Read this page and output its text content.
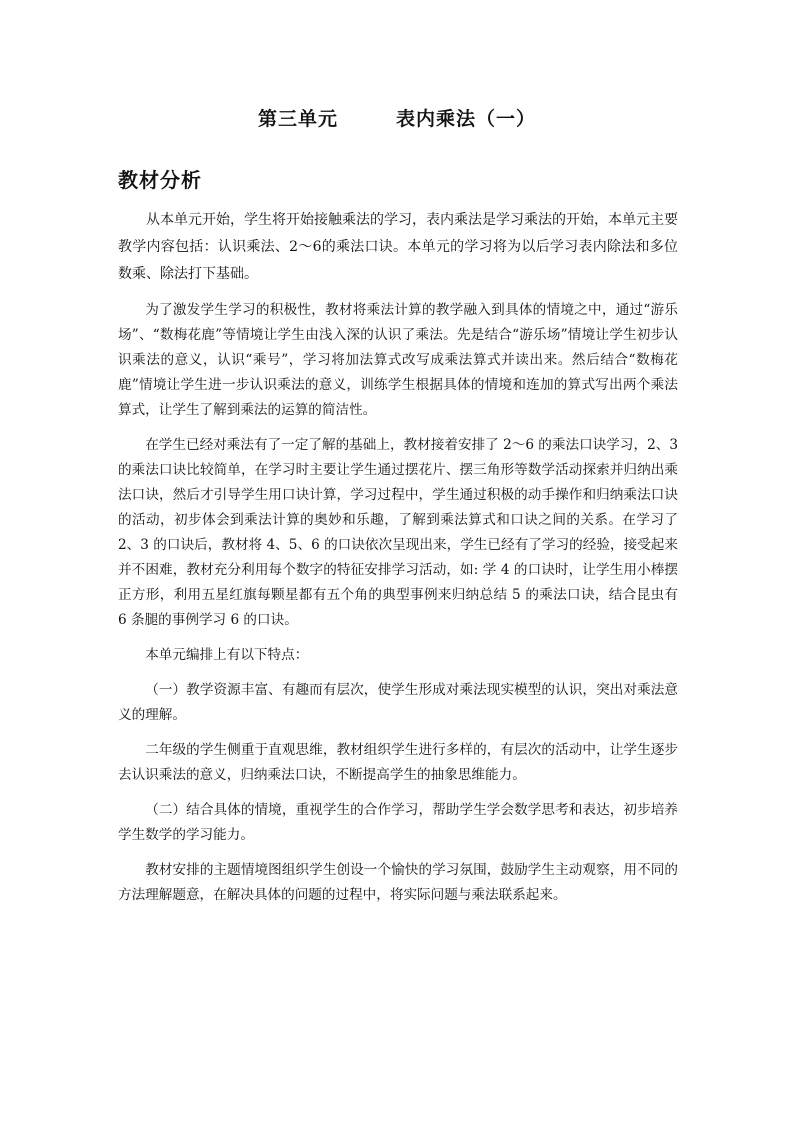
第三单元	表内乘法（一）
教材分析

从本单元开始，学生将开始接触乘法的学习，表内乘法是学习乘法的开始，本单元主要教学内容包括：认识乘法、2～6的乘法口诀。本单元的学习将为以后学习表内除法和多位数乘、除法打下基础。

为了激发学生学习的积极性，教材将乘法计算的教学融入到具体的情境之中，通过“游乐场”、“数梅花鹿”等情境让学生由浅入深的认识了乘法。先是结合“游乐场”情境让学生初步认识乘法的意义，认识“乘号”，学习将加法算式改写成乘法算式并读出来。然后结合“数梅花鹿”情境让学生进一步认识乘法的意义，训练学生根据具体的情境和连加的算式写出两个乘法算式，让学生了解到乘法的运算的简洁性。

在学生已经对乘法有了一定了解的基础上，教材接着安排了 2～6 的乘法口诀学习，2、3的乘法口诀比较简单，在学习时主要让学生通过摆花片、摆三角形等数学活动探索并归纳出乘法口诀，然后才引导学生用口诀计算，学习过程中，学生通过积极的动手操作和归纳乘法口诀的活动，初步体会到乘法计算的奥妙和乐趣，了解到乘法算式和口诀之间的关系。在学习了 2、3 的口诀后，教材将 4、5、6 的口诀依次呈现出来，学生已经有了学习的经验，接受起来并不困难，教材充分利用每个数字的特征安排学习活动，如: 学 4 的口诀时，让学生用小棒摆正方形，利用五星红旗每颗星都有五个角的典型事例来归纳总结 5 的乘法口诀，结合昆虫有 6 条腿的事例学习 6 的口诀。

本单元编排上有以下特点：

（一）教学资源丰富、有趣而有层次，使学生形成对乘法现实模型的认识，突出对乘法意义的理解。

二年级的学生侧重于直观思维，教材组织学生进行多样的，有层次的活动中，让学生逐步去认识乘法的意义，归纳乘法口诀，不断提高学生的抽象思维能力。

（二）结合具体的情境，重视学生的合作学习，帮助学生学会数学思考和表达，初步培养学生数学的学习能力。

教材安排的主题情境图组织学生创设一个愉快的学习氛围，鼓励学生主动观察，用不同的方法理解题意，在解决具体的问题的过程中，将实际问题与乘法联系起来。
